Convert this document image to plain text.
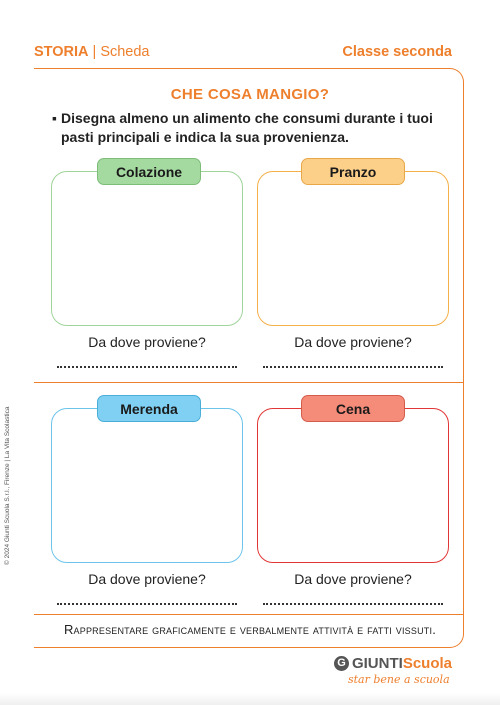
STORIA | Scheda	Classe seconda
CHE COSA MANGIO?
▪ Disegna almeno un alimento che consumi durante i tuoi pasti principali e indica la sua provenienza.
Colazione
Da dove proviene?
Pranzo
Da dove proviene?
Merenda
Da dove proviene?
Cena
Da dove proviene?
Rappresentare graficamente e verbalmente attività e fatti vissuti.
© 2024 Giunti Scuola S.r.l., Firenze | La Vita Scolastica
G GIUNTI Scuola
star bene a scuola
